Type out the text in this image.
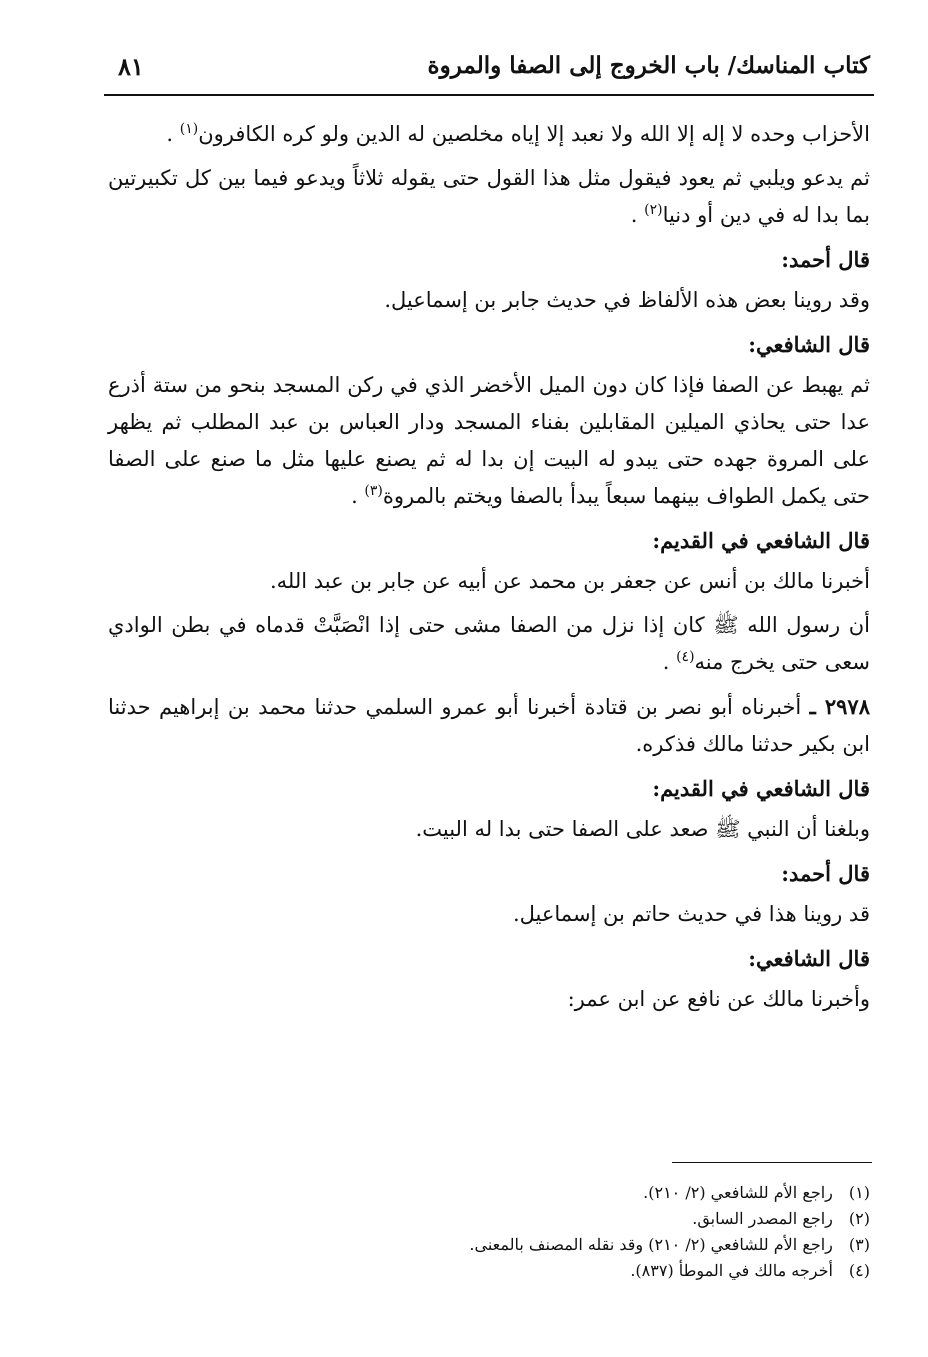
كتاب المناسك/ باب الخروج إلى الصفا والمروة
٨١

الأحزاب وحده لا إله إلا الله ولا نعبد إلا إياه مخلصين له الدين ولو كره الكافرون$^{(١)}$ .

ثم يدعو ويلبي ثم يعود فيقول مثل هذا القول حتى يقوله ثلاثاً ويدعو فيما بين كل تكبيرتين بما بدا له في دين أو دنيا$^{(٢)}$ .

قال أحمد:

وقد روينا بعض هذه الألفاظ في حديث جابر بن إسماعيل.

قال الشافعي:

ثم يهبط عن الصفا فإذا كان دون الميل الأخضر الذي في ركن المسجد بنحو من ستة أذرع عدا حتى يحاذي الميلين المقابلين بفناء المسجد ودار العباس بن عبد المطلب ثم يظهر على المروة جهده حتى يبدو له البيت إن بدا له ثم يصنع عليها مثل ما صنع على الصفا حتى يكمل الطواف بينهما سبعاً يبدأ بالصفا ويختم بالمروة$^{(٣)}$ .

قال الشافعي في القديم:

أخبرنا مالك بن أنس عن جعفر بن محمد عن أبيه عن جابر بن عبد الله.

أن رسول الله ﷺ كان إذا نزل من الصفا مشى حتى إذا انْصَبَّتْ قدماه في بطن الوادي سعى حتى يخرج منه$^{(٤)}$ .

٢٩٧٨ ـ أخبرناه أبو نصر بن قتادة أخبرنا أبو عمرو السلمي حدثنا محمد بن إبراهيم حدثنا ابن بكير حدثنا مالك فذكره.

قال الشافعي في القديم:

وبلغنا أن النبي ﷺ صعد على الصفا حتى بدا له البيت.

قال أحمد:

قد روينا هذا في حديث حاتم بن إسماعيل.

قال الشافعي:

وأخبرنا مالك عن نافع عن ابن عمر:

(١) راجع الأم للشافعي (٢/ ٢١٠).

(٢) راجع المصدر السابق.

(٣) راجع الأم للشافعي (٢/ ٢١٠) وقد نقله المصنف بالمعنى.

(٤) أخرجه مالك في الموطأ (٨٣٧).
